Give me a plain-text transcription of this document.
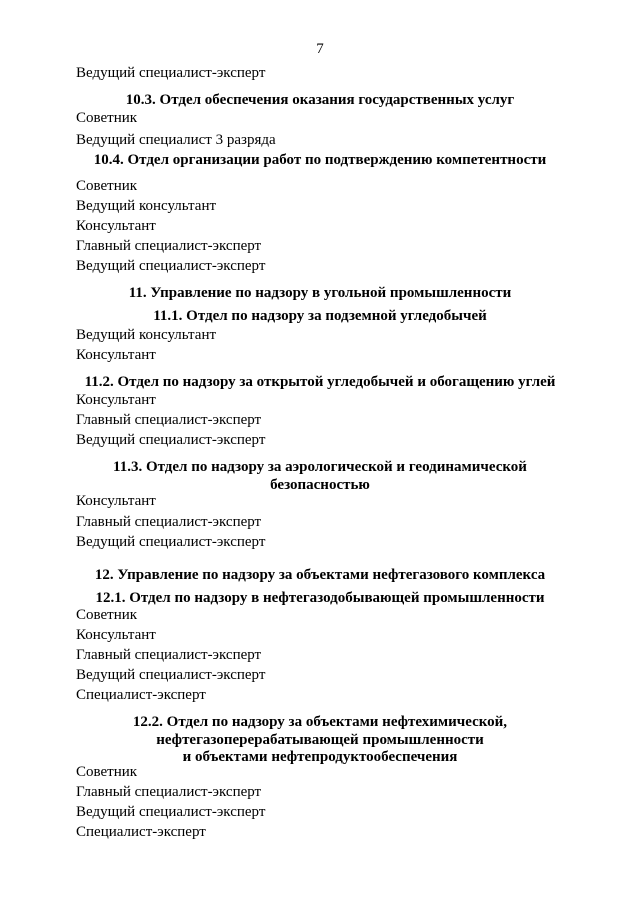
7
Ведущий специалист-эксперт
10.3. Отдел обеспечения оказания государственных услуг
Советник
Ведущий специалист 3 разряда
10.4. Отдел организации работ по подтверждению компетентности
Советник
Ведущий консультант
Консультант
Главный специалист-эксперт
Ведущий специалист-эксперт
11. Управление по надзору в угольной промышленности
11.1. Отдел по надзору за подземной угледобычей
Ведущий консультант
Консультант
11.2. Отдел по надзору за открытой угледобычей и обогащению углей
Консультант
Главный специалист-эксперт
Ведущий специалист-эксперт
11.3. Отдел по надзору за аэрологической и геодинамической
безопасностью
Консультант
Главный специалист-эксперт
Ведущий специалист-эксперт
12. Управление по надзору за объектами нефтегазового комплекса
12.1. Отдел по надзору в нефтегазодобывающей промышленности
Советник
Консультант
Главный специалист-эксперт
Ведущий специалист-эксперт
Специалист-эксперт
12.2. Отдел по надзору за объектами нефтехимической,
нефтегазоперерабатывающей промышленности
и объектами нефтепродуктообеспечения
Советник
Главный специалист-эксперт
Ведущий специалист-эксперт
Специалист-эксперт
